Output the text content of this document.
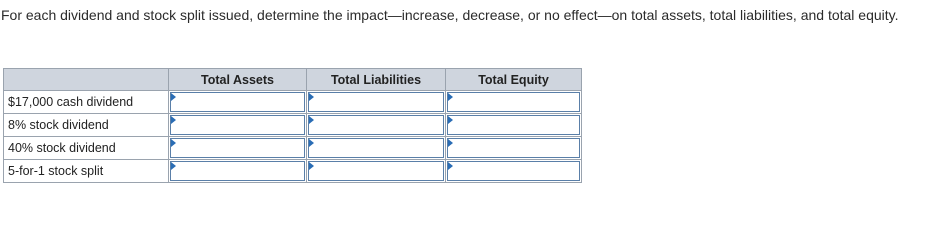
For each dividend and stock split issued, determine the impact—increase, decrease, or no effect—on total assets, total liabilities, and total equity.
	Total Assets	Total Liabilities	Total Equity
$17,000 cash dividend	

8% stock dividend	

40% stock dividend	

5-for-1 stock split	
